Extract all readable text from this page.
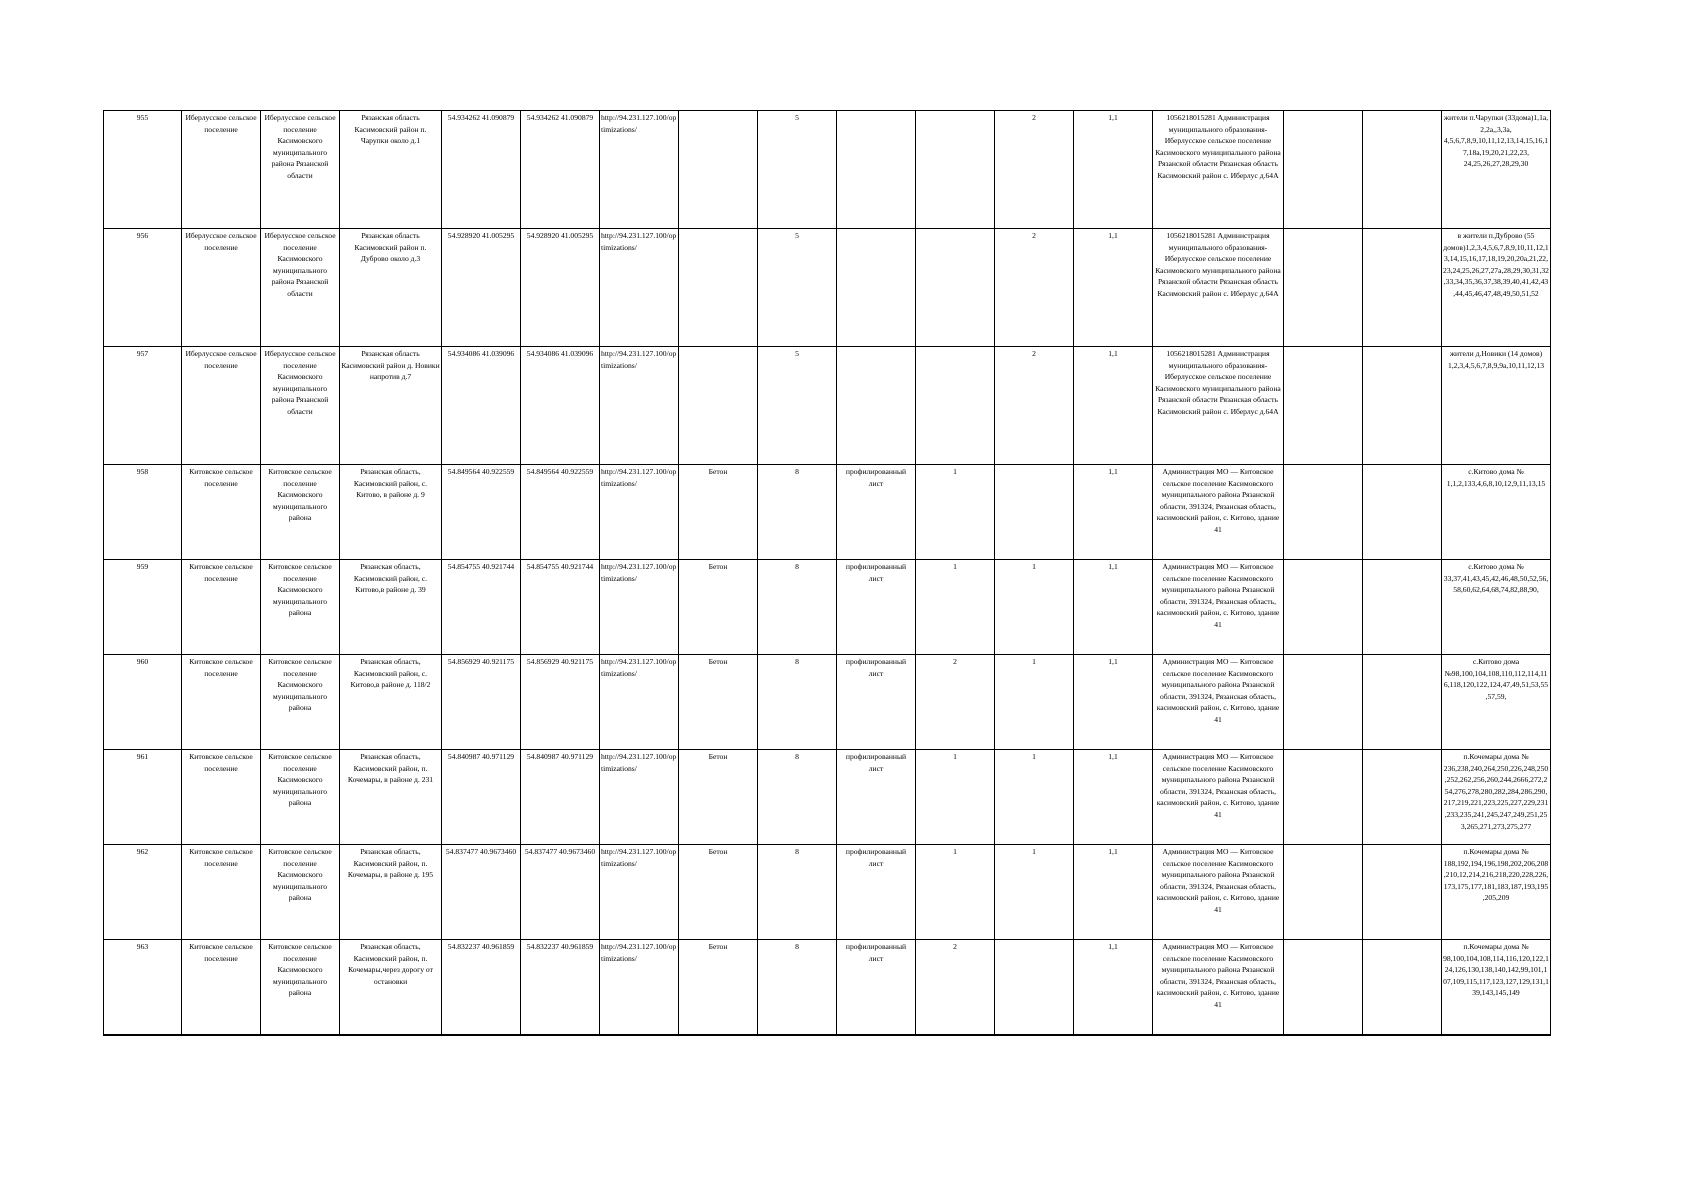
955	Иберлусское сельское поселение	Иберлусское сельское поселение Касимовского муниципального района Рязанской области	Рязанская область Касимовский район п. Чарупки около д.1	54.934262 41.090879	54.934262 41.090879	http://94.231.127.100/optimizations/		5			2	1,1	1056218015281 Администрация муниципального образования-Иберлусское сельское поселение Касимовского муниципального района Рязанской области Рязанская область Касимовский район с. Иберлус д.64А			жители п.Чарупки (33дома)1,1а, 2,2а,,3,3а, 4,5,6,7,8,9,10,11,12,13,14,15,16,17,18а,19,20,21,22,23, 24,25,26,27,28,29,30
956	Иберлусское сельское поселение	Иберлусское сельское поселение Касимовского муниципального района Рязанской области	Рязанская область Касимовский район п. Дуброво около д.3	54.928920 41.005295	54.928920 41.005295	http://94.231.127.100/optimizations/		5			2	1,1	1056218015281 Администрация муниципального образования-Иберлусское сельское поселение Касимовского муниципального района Рязанской области Рязанская область Касимовский район с. Иберлус д.64А			в жители п.Дуброво (55 домов)1,2,3,4,5,6,7,8,9,10,11,12,13,14,15,16,17,18,19,20,20а,21,22,23,24,25,26,27,27а,28,29,30,31,32,33,34,35,36,37,38,39,40,41,42,43,44,45,46,47,48,49,50,51,52
957	Иберлусское сельское поселение	Иберлусское сельское поселение Касимовского муниципального района Рязанской области	Рязанская область Касимовский район д. Новики напротив д.7	54.934086 41.039096	54.934086 41.039096	http://94.231.127.100/optimizations/		5			2	1,1	1056218015281 Администрация муниципального образования-Иберлусское сельское поселение Касимовского муниципального района Рязанской области Рязанская область Касимовский район с. Иберлус д.64А			жители д.Новики (14 домов) 1,2,3,4,5,6,7,8,9,9а,10,11,12,13
958	Китовское сельское поселение	Китовское сельское поселение Касимовского муниципального района	Рязанская область, Касимовский район, с. Китово, в районе д. 9	54.849564 40.922559	54.849564 40.922559	http://94.231.127.100/optimizations/	Бетон	8	профилированный лист	1		1,1	Администрация МО — Китовское сельское поселение Касимовского муниципального района Рязанской области, 391324, Рязанская область, касимовский район, с. Китово, здание 41			с.Китово дома № 1,1,2,133,4,6,8,10,12,9,11,13,15
959	Китовское сельское поселение	Китовское сельское поселение Касимовского муниципального района	Рязанская область, Касимовский район, с. Китово,в районе д. 39	54.854755 40.921744	54.854755 40.921744	http://94.231.127.100/optimizations/	Бетон	8	профилированный лист	1	1	1,1	Администрация МО — Китовское сельское поселение Касимовского муниципального района Рязанской области, 391324, Рязанская область, касимовский район, с. Китово, здание 41			с.Китово дома № 33,37,41,43,45,42,46,48,50,52,56,58,60,62,64,68,74,82,88,90,
960	Китовское сельское поселение	Китовское сельское поселение Касимовского муниципального района	Рязанская область, Касимовский район, с. Китово,в районе д. 118/2	54.856929 40.921175	54.856929 40.921175	http://94.231.127.100/optimizations/	Бетон	8	профилированный лист	2	1	1,1	Администрация МО — Китовское сельское поселение Касимовского муниципального района Рязанской области, 391324, Рязанская область, касимовский район, с. Китово, здание 41			с.Китово дома №98,100,104,108,110,112,114,116,118,120,122,124,47,49,51,53,55,57,59,
961	Китовское сельское поселение	Китовское сельское поселение Касимовского муниципального района	Рязанская область, Касимовский район, п. Кочемары, в районе д. 231	54.840987 40.971129	54.840987 40.971129	http://94.231.127.100/optimizations/	Бетон	8	профилированный лист	1	1	1,1	Администрация МО — Китовское сельское поселение Касимовского муниципального района Рязанской области, 391324, Рязанская область, касимовский район, с. Китово, здание 41			п.Кочемары дома № 236,238,240,264,250,226,248,250,252,262,256,260,244,2666,272,254,276,278,280,282,284,286,290,217,219,221,223,225,227,229,231,233,235,241,245,247,249,251,253,265,271,273,275,277
962	Китовское сельское поселение	Китовское сельское поселение Касимовского муниципального района	Рязанская область, Касимовский район, п. Кочемары, в районе д. 195	54.837477 40.9673460	54.837477 40.9673460	http://94.231.127.100/optimizations/	Бетон	8	профилированный лист	1	1	1,1	Администрация МО — Китовское сельское поселение Касимовского муниципального района Рязанской области, 391324, Рязанская область, касимовский район, с. Китово, здание 41			п.Кочемары дома № 188,192,194,196,198,202,206,208,210,12,214,216,218,220,228,226,173,175,177,181,183,187,193,195,205,209
963	Китовское сельское поселение	Китовское сельское поселение Касимовского муниципального района	Рязанская область, Касимовский район, п. Кочемары,через дорогу от остановки	54.832237 40.961859	54.832237 40.961859	http://94.231.127.100/optimizations/	Бетон	8	профилированный лист	2		1,1	Администрация МО — Китовское сельское поселение Касимовского муниципального района Рязанской области, 391324, Рязанская область, касимовский район, с. Китово, здание 41			п.Кочемары дома № 98,100,104,108,114,116,120,122,124,126,130,138,140,142,99,101,107,109,115,117,123,127,129,131,139,143,145,149
